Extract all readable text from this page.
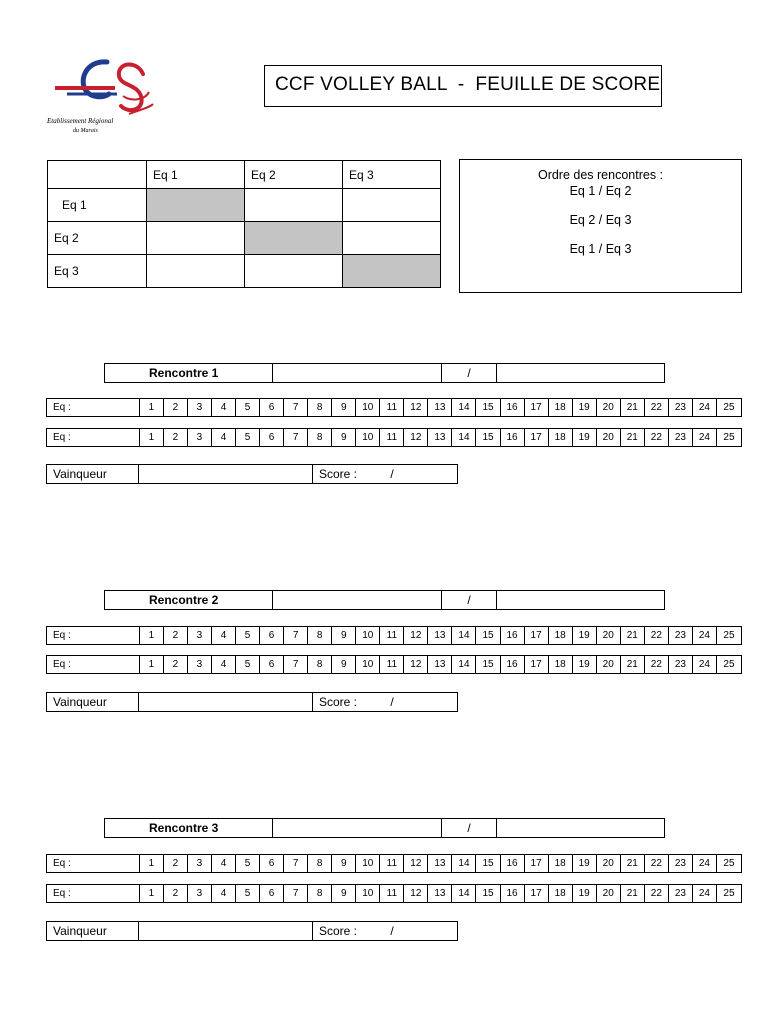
Etablissement Régional
du Marais
CCF VOLLEY BALL  -  FEUILLE DE SCORE
	Eq 1	Eq 2	Eq 3
Eq 1			
Eq 2			
Eq 3			
Ordre des rencontres :
Eq 1 / Eq 2
Eq 2 / Eq 3
Eq 1 / Eq 3
Rencontre 1	/
Eq :	1	2	3	4	5	6	7	8	9	10	11	12	13	14	15	16	17	18	19	20	21	22	23	24	25
Eq :	1	2	3	4	5	6	7	8	9	10	11	12	13	14	15	16	17	18	19	20	21	22	23	24	25
Vainqueur	Score :          /
Rencontre 2	/
Eq :	1	2	3	4	5	6	7	8	9	10	11	12	13	14	15	16	17	18	19	20	21	22	23	24	25
Eq :	1	2	3	4	5	6	7	8	9	10	11	12	13	14	15	16	17	18	19	20	21	22	23	24	25
Vainqueur	Score :          /
Rencontre 3	/
Eq :	1	2	3	4	5	6	7	8	9	10	11	12	13	14	15	16	17	18	19	20	21	22	23	24	25
Eq :	1	2	3	4	5	6	7	8	9	10	11	12	13	14	15	16	17	18	19	20	21	22	23	24	25
Vainqueur	Score :          /
